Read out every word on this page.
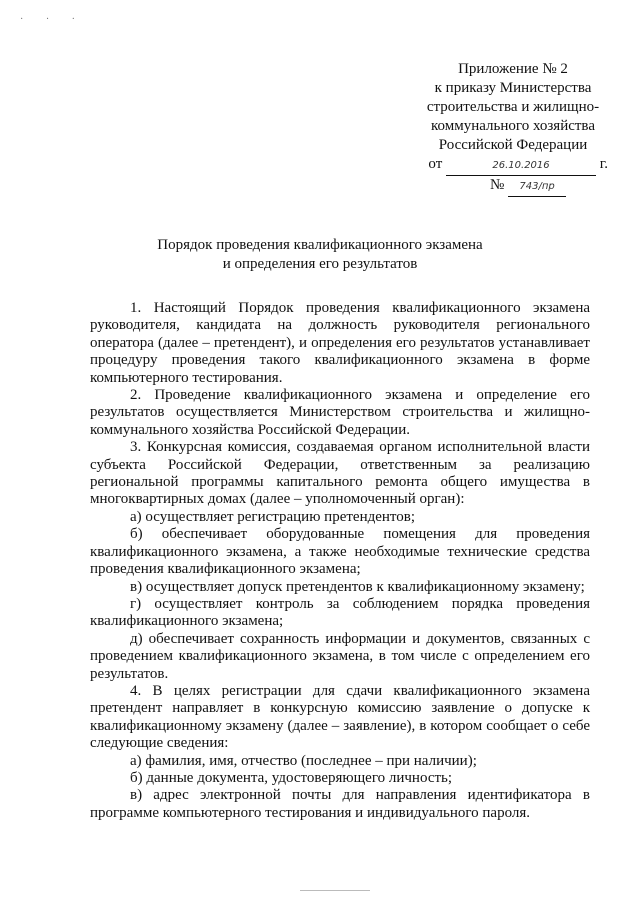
· · ·
Приложение № 2
к приказу Министерства
строительства и жилищно-
коммунального хозяйства
Российской Федерации
от	26.10.2016	г.
№ 743/пр
Порядок проведения квалификационного экзамена
и определения его результатов

1. Настоящий Порядок проведения квалификационного экзамена руководителя, кандидата на должность руководителя регионального оператора (далее – претендент), и определения его результатов устанавливает процедуру проведения такого квалификационного экзамена в форме компьютерного тестирования.

2. Проведение квалификационного экзамена и определение его результатов осуществляется Министерством строительства и жилищно-коммунального хозяйства Российской Федерации.

3. Конкурсная комиссия, создаваемая органом исполнительной власти субъекта Российской Федерации, ответственным за реализацию региональной программы капитального ремонта общего имущества в многоквартирных домах (далее – уполномоченный орган):

а) осуществляет регистрацию претендентов;

б) обеспечивает оборудованные помещения для проведения квалификационного экзамена, а также необходимые технические средства проведения квалификационного экзамена;

в) осуществляет допуск претендентов к квалификационному экзамену;

г) осуществляет контроль за соблюдением порядка проведения квалификационного экзамена;

д) обеспечивает сохранность информации и документов, связанных с проведением квалификационного экзамена, в том числе с определением его результатов.

4. В целях регистрации для сдачи квалификационного экзамена претендент направляет в конкурсную комиссию заявление о допуске к квалификационному экзамену (далее – заявление), в котором сообщает о себе следующие сведения:

а) фамилия, имя, отчество (последнее – при наличии);

б) данные документа, удостоверяющего личность;

в) адрес электронной почты для направления идентификатора в программе компьютерного тестирования и индивидуального пароля.
